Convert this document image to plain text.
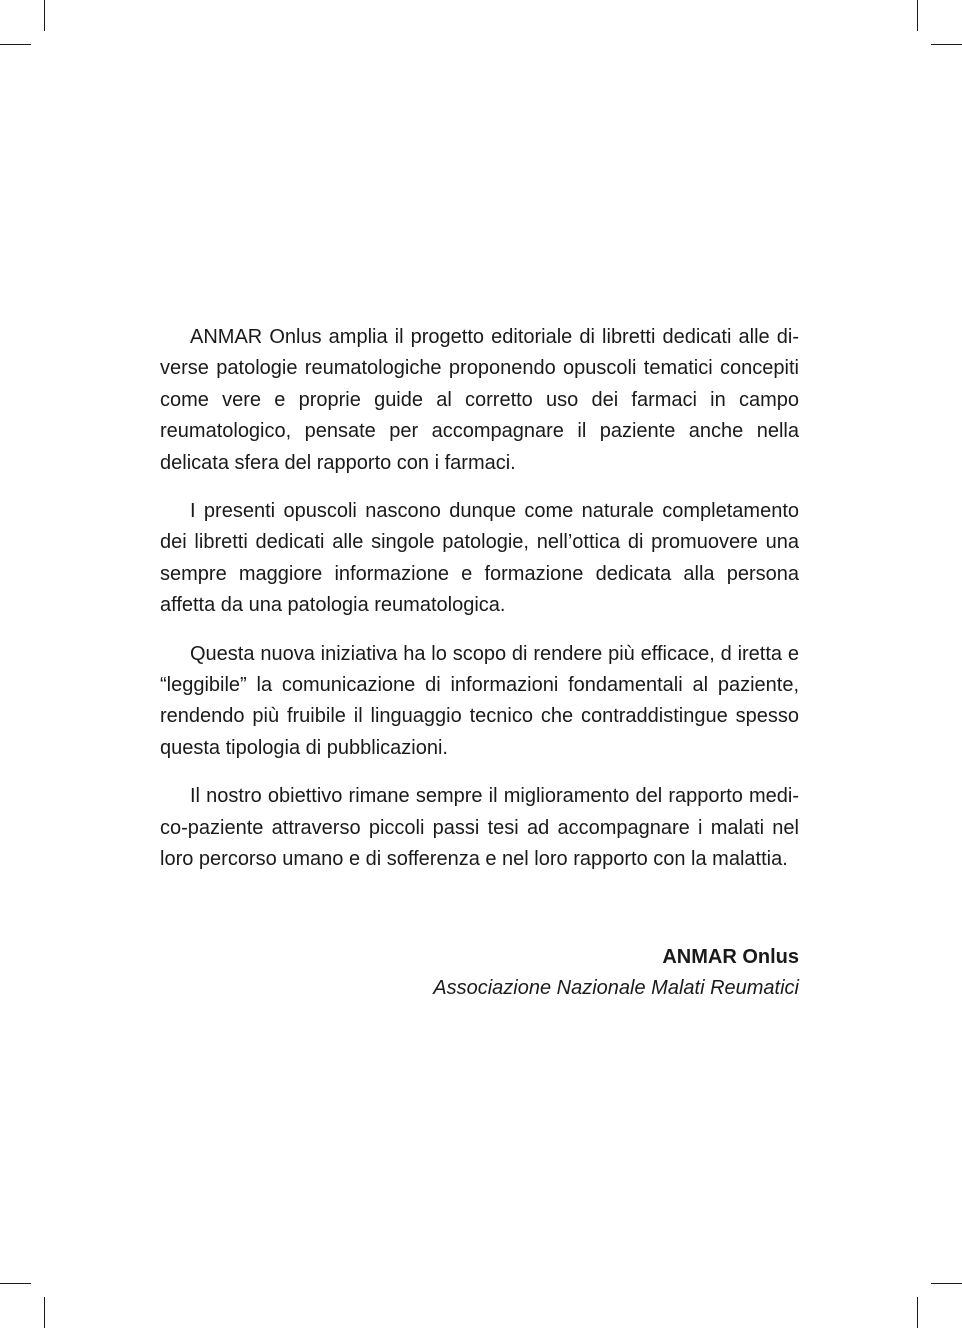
ANMAR Onlus amplia il progetto editoriale di libretti dedicati alle diverse patologie reumatologiche proponendo opuscoli tematici concepiti come vere e proprie guide al corretto uso dei farmaci in campo reumatologico, pensate per accompagnare il paziente anche nella delicata sfera del rapporto con i farmaci.

I presenti opuscoli nascono dunque come naturale completamento dei libretti dedicati alle singole patologie, nell’ottica di promuovere una sempre maggiore informazione e formazione dedicata alla persona affetta da una patologia reumatologica.

Questa nuova iniziativa ha lo scopo di rendere più efficace, d iretta e “leggibile” la comunicazione di informazioni fondamentali al paziente, rendendo più fruibile il linguaggio tecnico che contraddistingue spesso questa tipologia di pubblicazioni.

Il nostro obiettivo rimane sempre il miglioramento del rapporto medico-paziente attraverso piccoli passi tesi ad accompagnare i malati nel loro percorso umano e di sofferenza e nel loro rapporto con la malattia.

ANMAR Onlus
Associazione Nazionale Malati Reumatici
